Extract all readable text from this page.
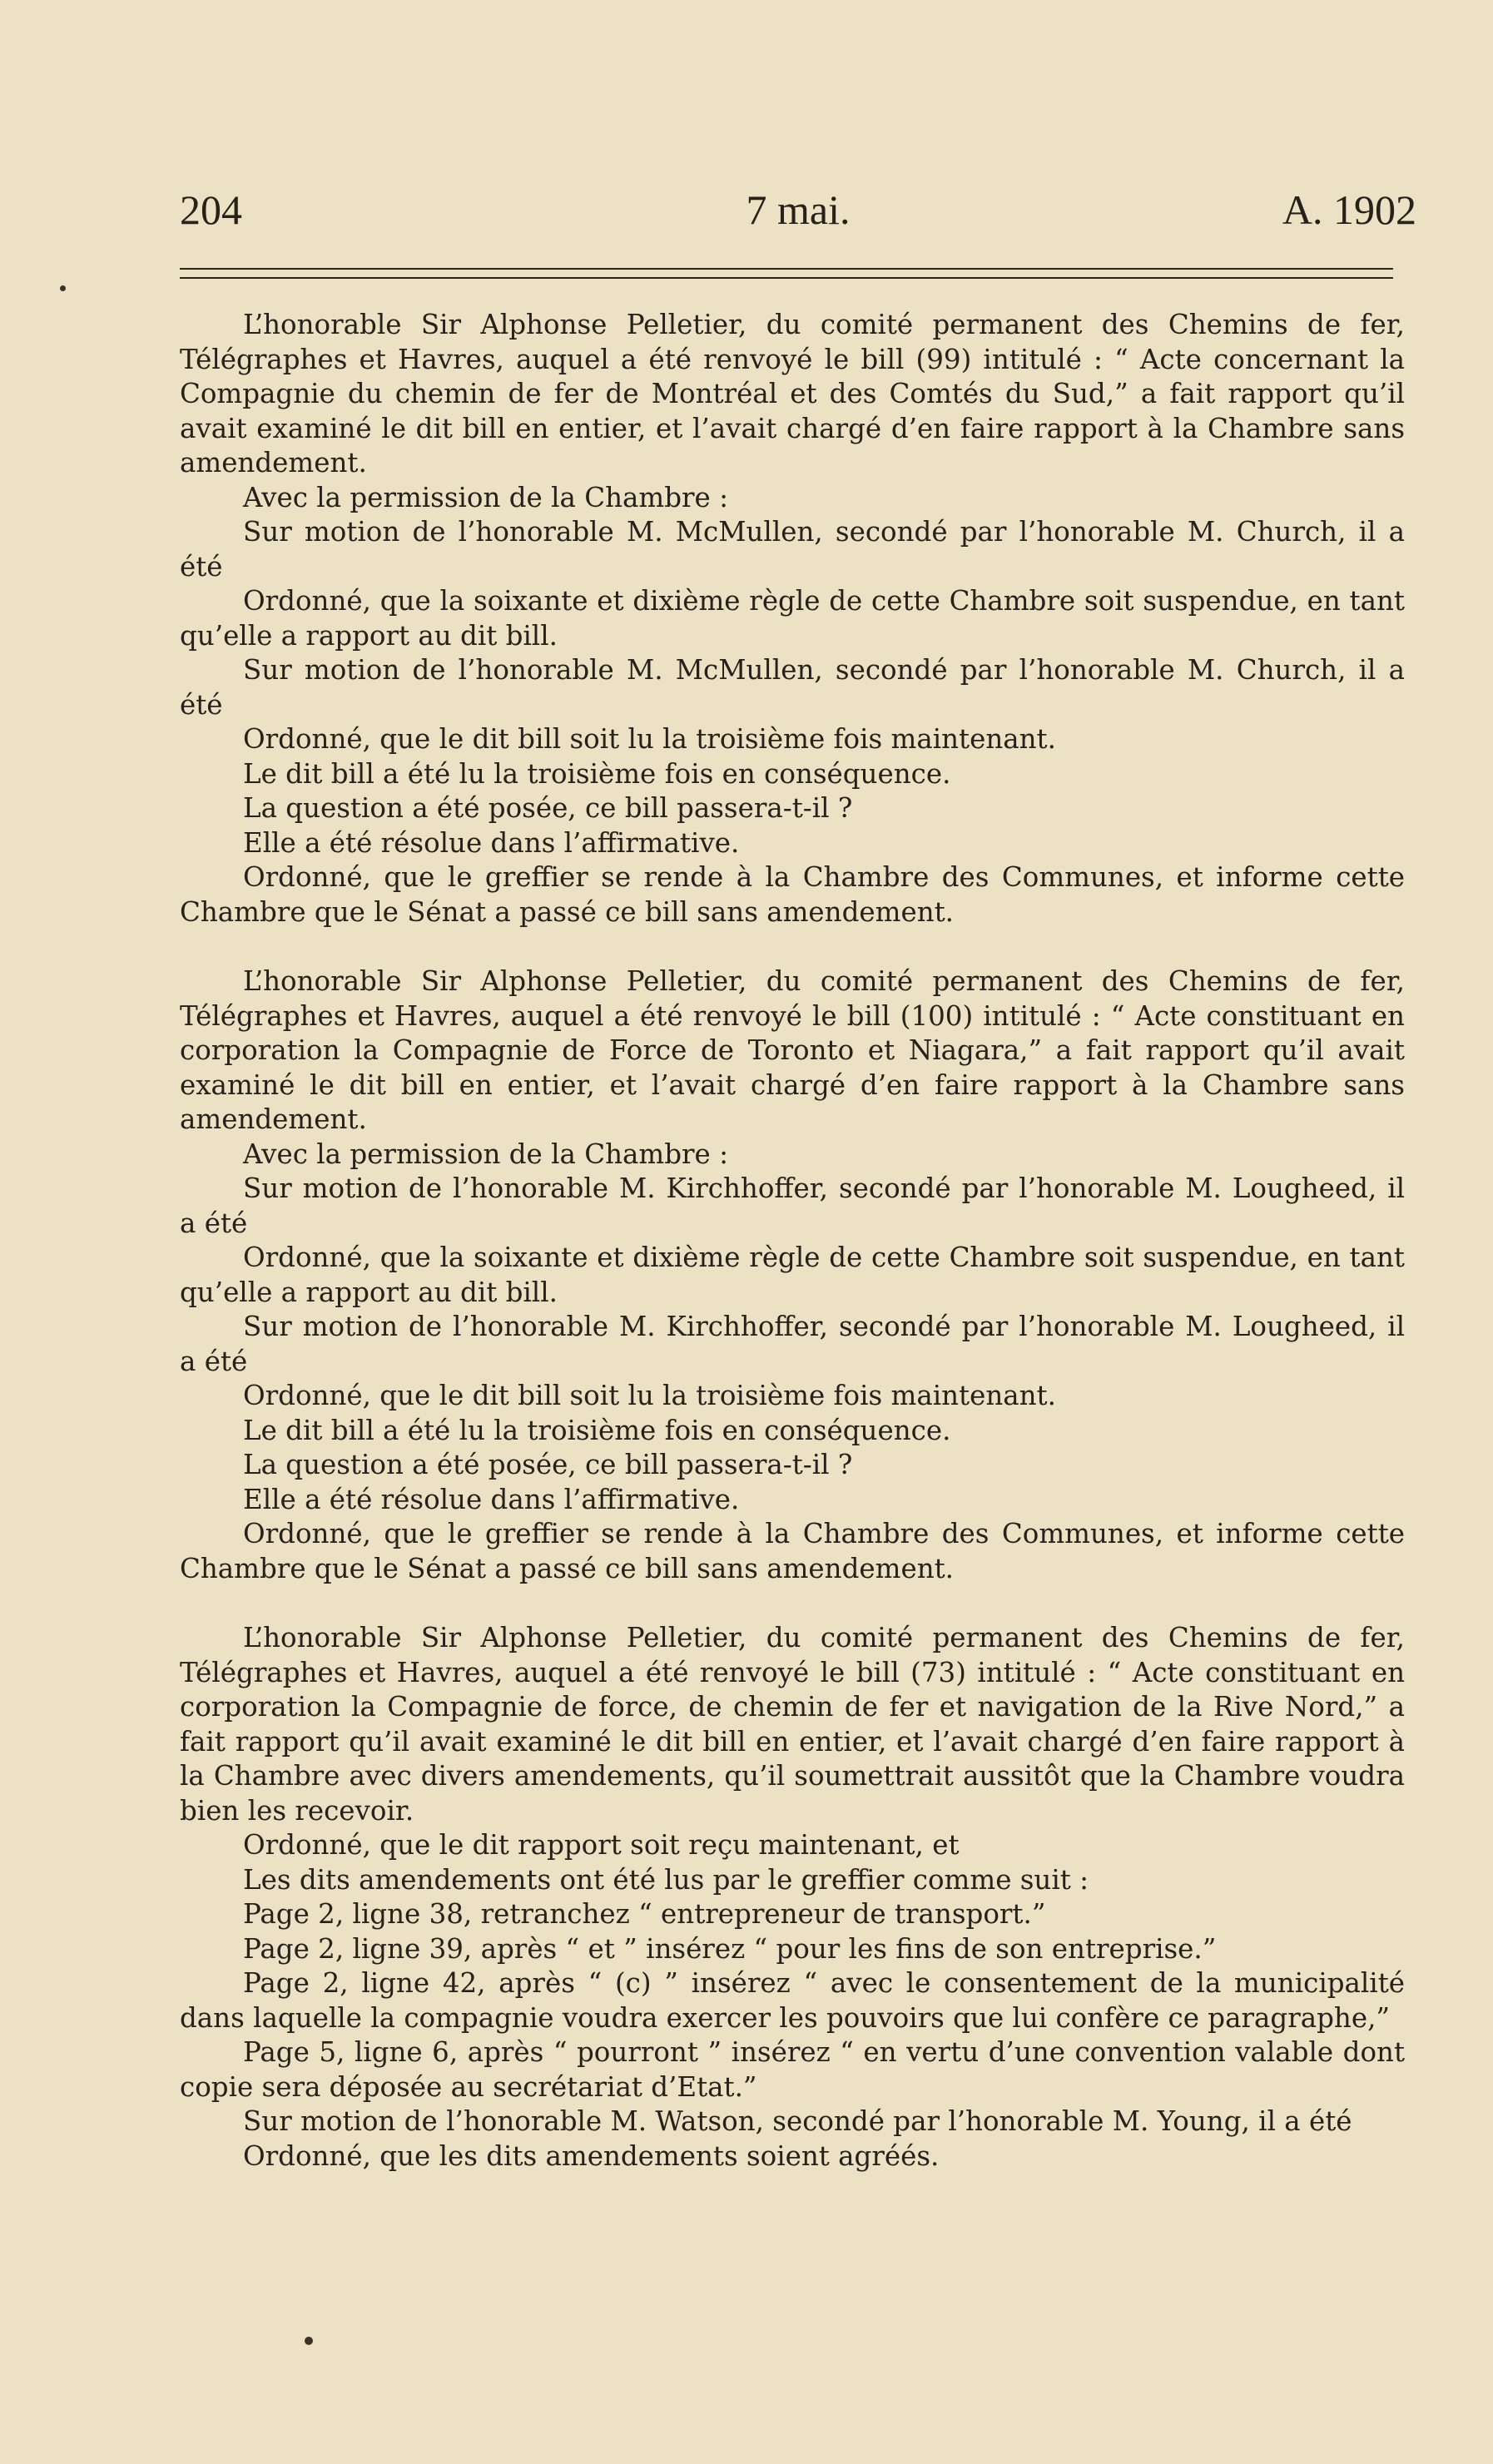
204	7 mai.	A. 1902

L’honorable Sir Alphonse Pelletier, du comité permanent des Chemins de fer, Télégraphes et Havres, auquel a été renvoyé le bill (99) intitulé : “ Acte concernant la Compagnie du chemin de fer de Montréal et des Comtés du Sud,” a fait rapport qu’il avait examiné le dit bill en entier, et l’avait chargé d’en faire rapport à la Chambre sans amendement.

Avec la permission de la Chambre :

Sur motion de l’honorable M. McMullen, secondé par l’honorable M. Church, il a été

Ordonné, que la soixante et dixième règle de cette Chambre soit suspendue, en tant qu’elle a rapport au dit bill.

Sur motion de l’honorable M. McMullen, secondé par l’honorable M. Church, il a été

Ordonné, que le dit bill soit lu la troisième fois maintenant.

Le dit bill a été lu la troisième fois en conséquence.

La question a été posée, ce bill passera-t-il ?

Elle a été résolue dans l’affirmative.

Ordonné, que le greffier se rende à la Chambre des Communes, et informe cette Chambre que le Sénat a passé ce bill sans amendement.

L’honorable Sir Alphonse Pelletier, du comité permanent des Chemins de fer, Télégraphes et Havres, auquel a été renvoyé le bill (100) intitulé : “ Acte constituant en corporation la Compagnie de Force de Toronto et Niagara,” a fait rapport qu’il avait examiné le dit bill en entier, et l’avait chargé d’en faire rapport à la Chambre sans amendement.

Avec la permission de la Chambre :

Sur motion de l’honorable M. Kirchhoffer, secondé par l’honorable M. Lougheed, il a été

Ordonné, que la soixante et dixième règle de cette Chambre soit suspendue, en tant qu’elle a rapport au dit bill.

Sur motion de l’honorable M. Kirchhoffer, secondé par l’honorable M. Lougheed, il a été

Ordonné, que le dit bill soit lu la troisième fois maintenant.

Le dit bill a été lu la troisième fois en conséquence.

La question a été posée, ce bill passera-t-il ?

Elle a été résolue dans l’affirmative.

Ordonné, que le greffier se rende à la Chambre des Communes, et informe cette Chambre que le Sénat a passé ce bill sans amendement.

L’honorable Sir Alphonse Pelletier, du comité permanent des Chemins de fer, Télégraphes et Havres, auquel a été renvoyé le bill (73) intitulé : “ Acte constituant en corporation la Compagnie de force, de chemin de fer et navigation de la Rive Nord,” a fait rapport qu’il avait examiné le dit bill en entier, et l’avait chargé d’en faire rapport à la Chambre avec divers amendements, qu’il soumettrait aussitôt que la Chambre voudra bien les recevoir.

Ordonné, que le dit rapport soit reçu maintenant, et

Les dits amendements ont été lus par le greffier comme suit :

Page 2, ligne 38, retranchez “ entrepreneur de transport.”

Page 2, ligne 39, après “ et ” insérez “ pour les fins de son entreprise.”

Page 2, ligne 42, après “ (c) ” insérez “ avec le consentement de la municipalité dans laquelle la compagnie voudra exercer les pouvoirs que lui confère ce paragraphe,”

Page 5, ligne 6, après “ pourront ” insérez “ en vertu d’une convention valable dont copie sera déposée au secrétariat d’Etat.”

Sur motion de l’honorable M. Watson, secondé par l’honorable M. Young, il a été

Ordonné, que les dits amendements soient agréés.
